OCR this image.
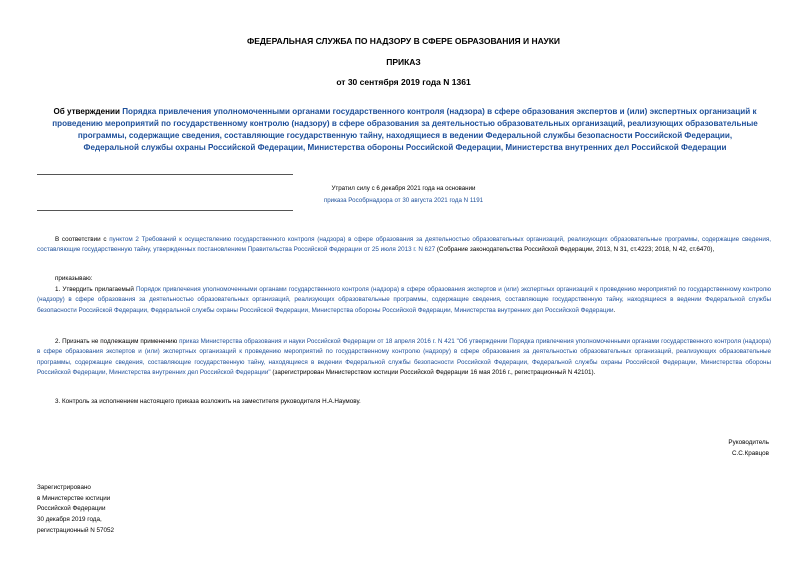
ФЕДЕРАЛЬНАЯ СЛУЖБА ПО НАДЗОРУ В СФЕРЕ ОБРАЗОВАНИЯ И НАУКИ
ПРИКАЗ
от 30 сентября 2019 года N 1361
Об утверждении Порядка привлечения уполномоченными органами государственного контроля (надзора) в сфере образования экспертов и (или) экспертных организаций к проведению мероприятий по государственному контролю (надзору) в сфере образования за деятельностью образовательных организаций, реализующих образовательные программы, содержащие сведения, составляющие государственную тайну, находящиеся в ведении Федеральной службы безопасности Российской Федерации, Федеральной службы охраны Российской Федерации, Министерства обороны Российской Федерации, Министерства внутренних дел Российской Федерации
Утратил силу с 6 декабря 2021 года на основании
приказа Рособрнадзора от 30 августа 2021 года N 1191
В соответствии с пунктом 2 Требований к осуществлению государственного контроля (надзора) в сфере образования за деятельностью образовательных организаций, реализующих образовательные программы, содержащие сведения, составляющие государственную тайну, утвержденных постановлением Правительства Российской Федерации от 25 июля 2013 г. N 627 (Собрание законодательства Российской Федерации, 2013, N 31, ст.4223; 2018, N 42, ст.6470),
приказываю:
1. Утвердить прилагаемый Порядок привлечения уполномоченными органами государственного контроля (надзора) в сфере образования экспертов и (или) экспертных организаций к проведению мероприятий по государственному контролю (надзору) в сфере образования за деятельностью образовательных организаций, реализующих образовательные программы, содержащие сведения, составляющие государственную тайну, находящиеся в ведении Федеральной службы безопасности Российской Федерации, Федеральной службы охраны Российской Федерации, Министерства обороны Российской Федерации, Министерства внутренних дел Российской Федерации.
2. Признать не подлежащим применению приказ Министерства образования и науки Российской Федерации от 18 апреля 2016 г. N 421 "Об утверждении Порядка привлечения уполномоченными органами государственного контроля (надзора) в сфере образования экспертов и (или) экспертных организаций к проведению мероприятий по государственному контролю (надзору) в сфере образования за деятельностью образовательных организаций, реализующих образовательные программы, содержащие сведения, составляющие государственную тайну, находящиеся в ведении Федеральной службы безопасности Российской Федерации, Федеральной службы охраны Российской Федерации, Министерства обороны Российской Федерации, Министерства внутренних дел Российской Федерации" (зарегистрирован Министерством юстиции Российской Федерации 16 мая 2016 г., регистрационный N 42101).
3. Контроль за исполнением настоящего приказа возложить на заместителя руководителя Н.А.Наумову.
Руководитель
С.С.Кравцов
Зарегистрировано
в Министерстве юстиции
Российской Федерации
30 декабря 2019 года,
регистрационный N 57052
